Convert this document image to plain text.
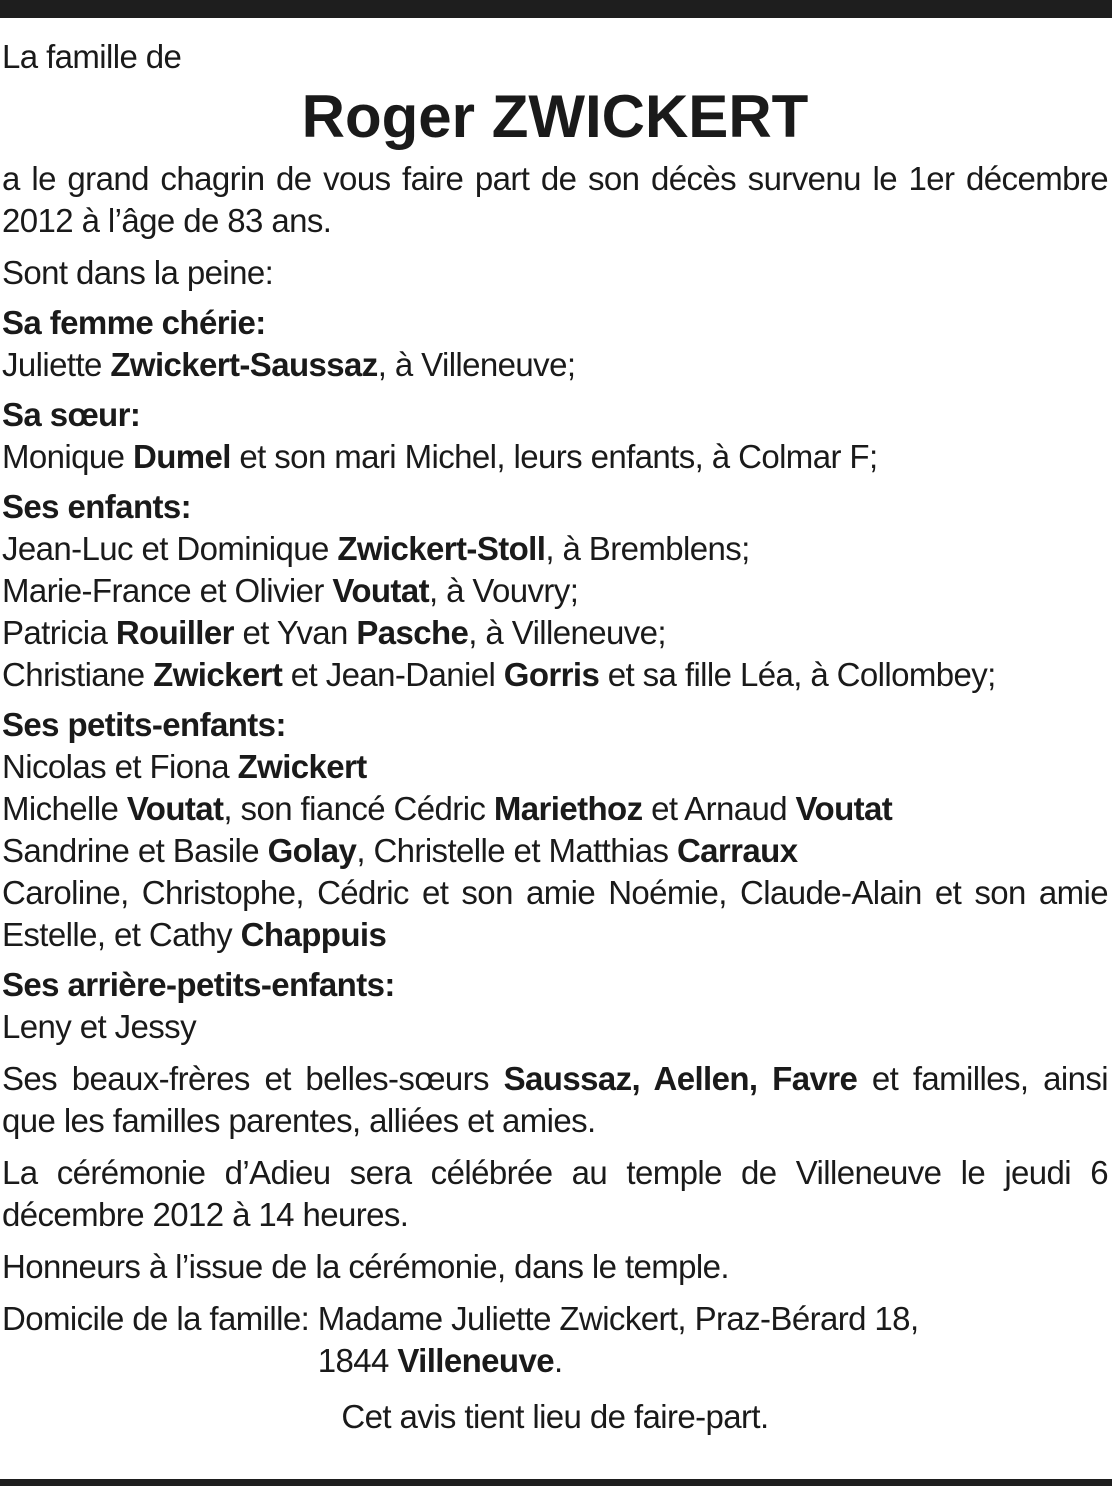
La famille de

Roger ZWICKERT

a le grand chagrin de vous faire part de son décès survenu le 1er décembre 2012 à l’âge de 83 ans.

Sont dans la peine:

Sa femme chérie:

Juliette Zwickert-Saussaz, à Villeneuve;

Sa sœur:

Monique Dumel et son mari Michel, leurs enfants, à Colmar F;

Ses enfants:

Jean-Luc et Dominique Zwickert-Stoll, à Bremblens;

Marie-France et Olivier Voutat, à Vouvry;

Patricia Rouiller et Yvan Pasche, à Villeneuve;

Christiane Zwickert et Jean-Daniel Gorris et sa fille Léa, à Collombey;

Ses petits-enfants:

Nicolas et Fiona Zwickert

Michelle Voutat, son fiancé Cédric Mariethoz et Arnaud Voutat

Sandrine et Basile Golay, Christelle et Matthias Carraux

Caroline, Christophe, Cédric et son amie Noémie, Claude-Alain et son amie Estelle, et Cathy Chappuis

Ses arrière-petits-enfants:

Leny et Jessy

Ses beaux-frères et belles-sœurs Saussaz, Aellen, Favre et familles, ainsi que les familles parentes, alliées et amies.

La cérémonie d’Adieu sera célébrée au temple de Villeneuve le jeudi 6 décembre 2012 à 14 heures.

Honneurs à l’issue de la cérémonie, dans le temple.

Domicile de la famille: Madame Juliette Zwickert, Praz-Bérard 18,
1844 Villeneuve.

Cet avis tient lieu de faire-part.
